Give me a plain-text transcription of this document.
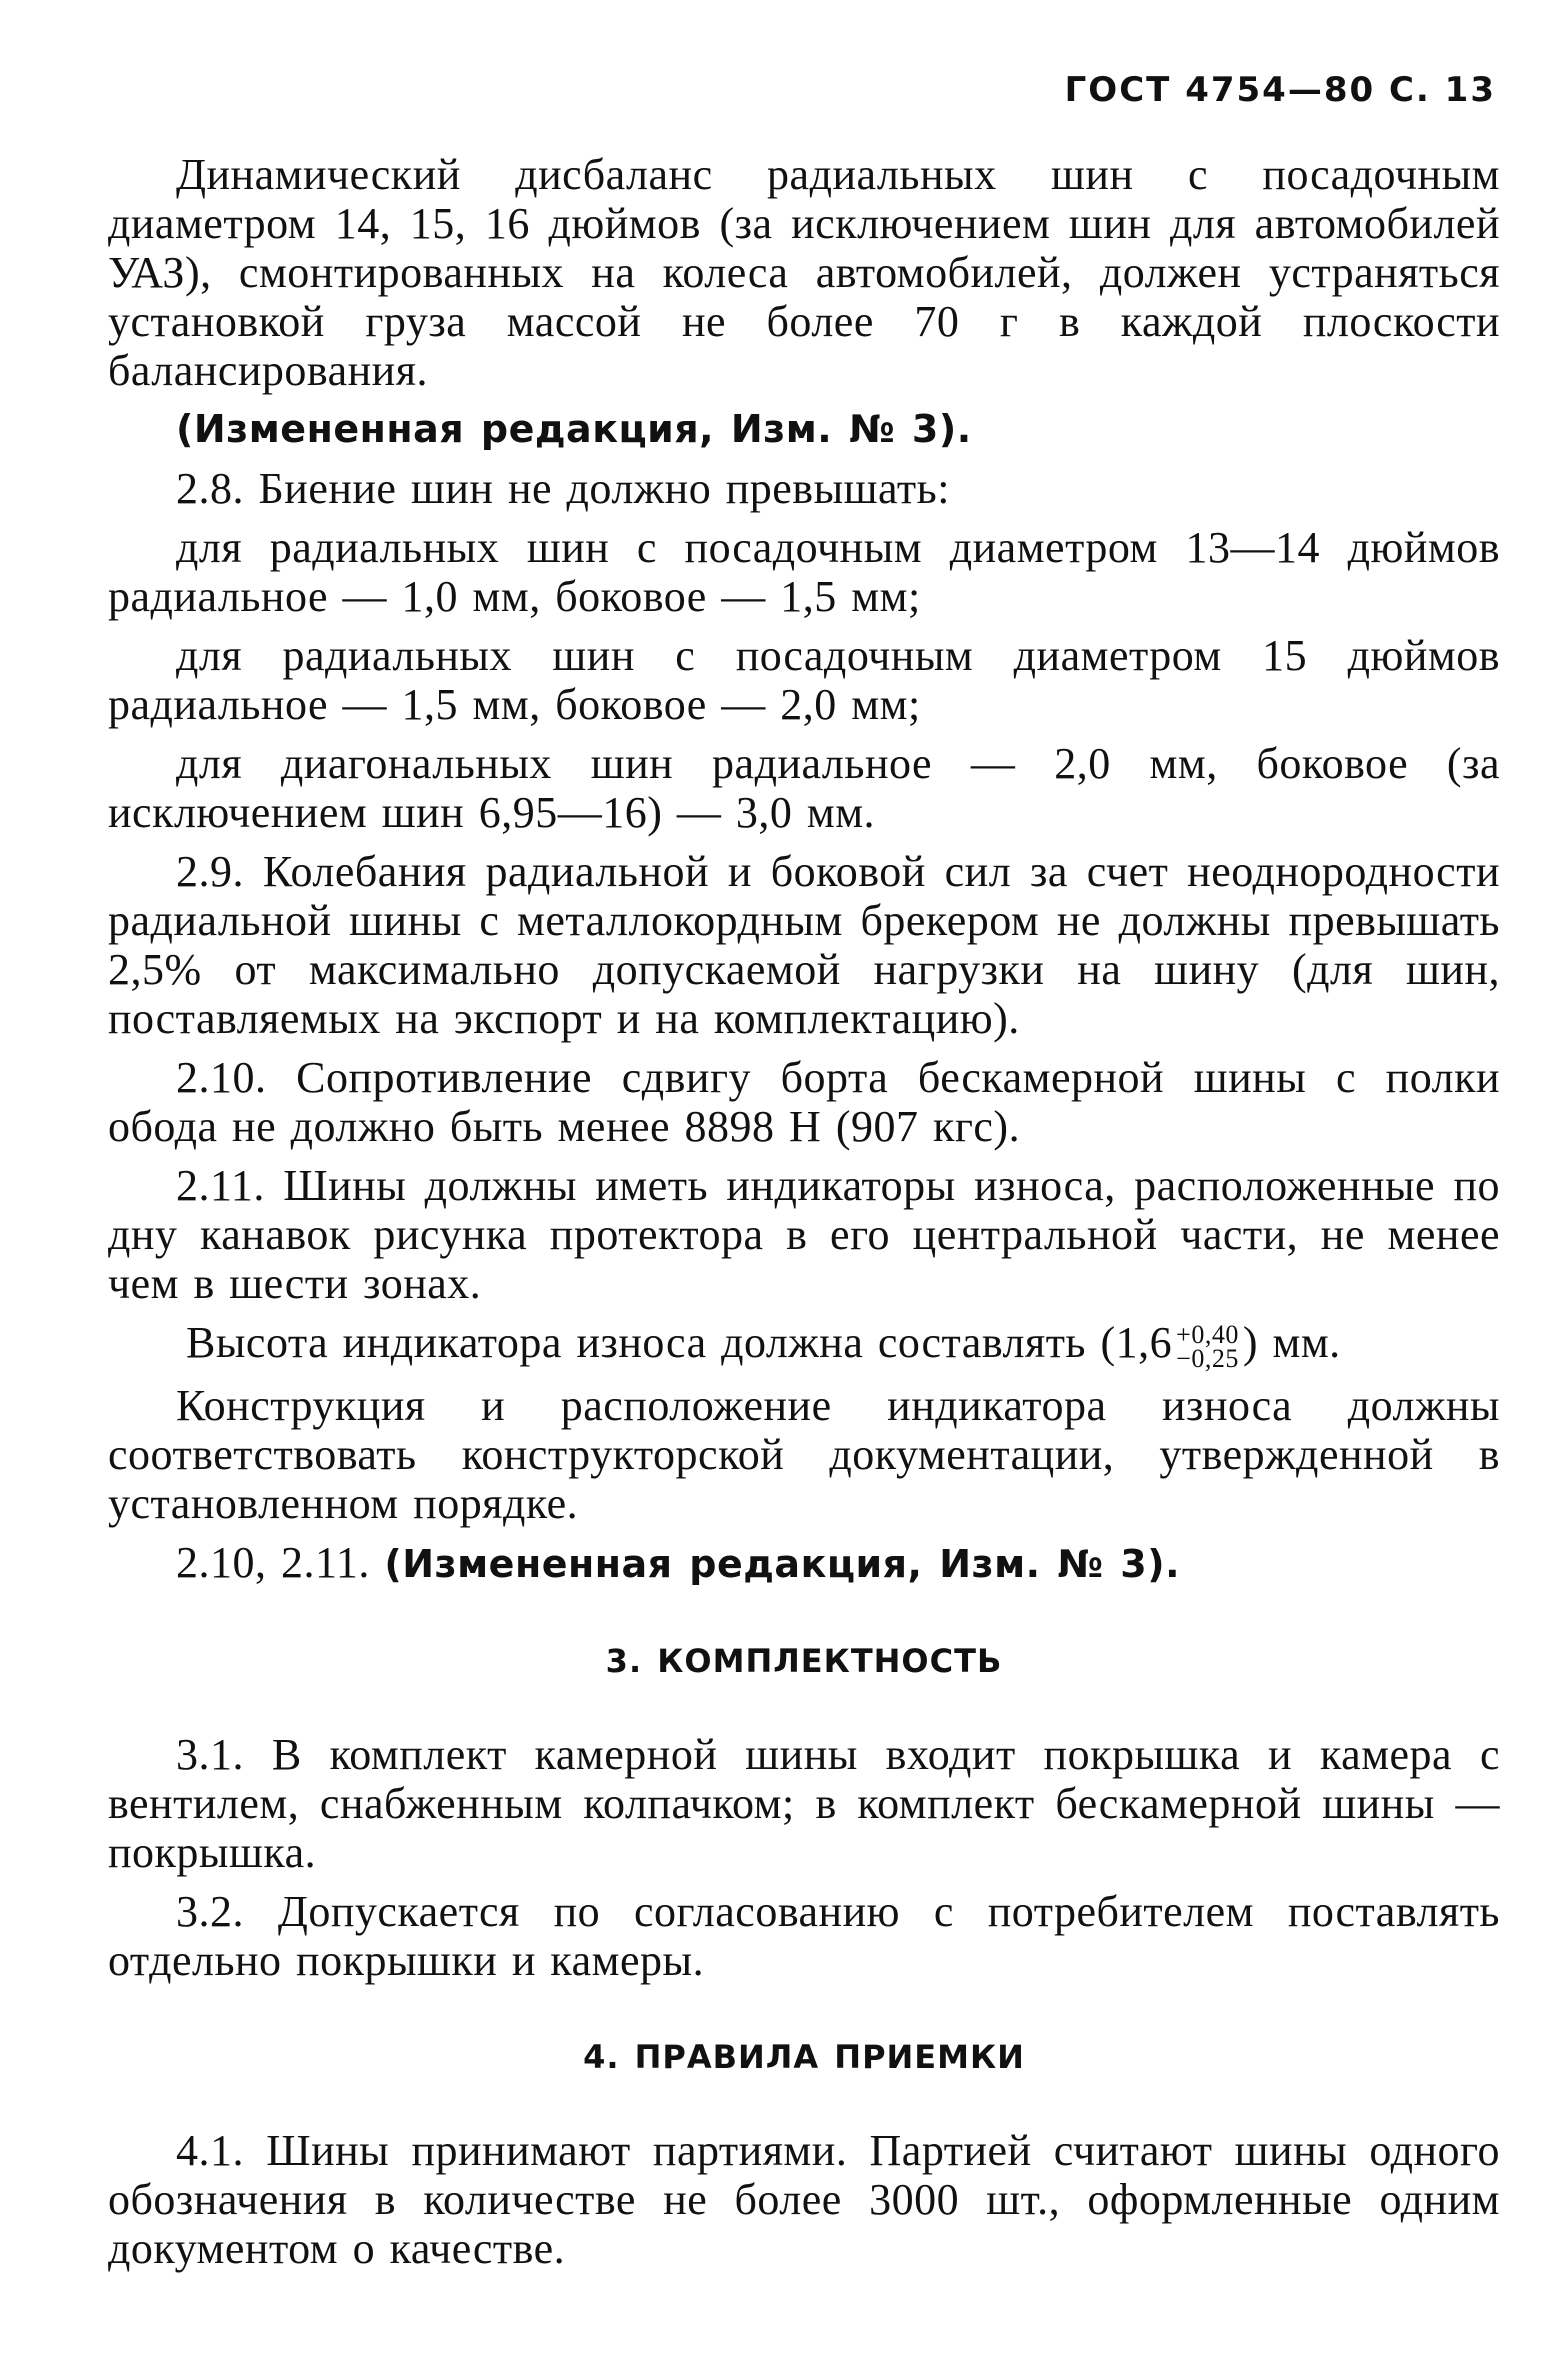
ГОСТ 4754—80 С. 13

Динамический дисбаланс радиальных шин с посадочным диаметром 14, 15, 16 дюймов (за исключением шин для автомобилей УАЗ), смонтированных на колеса автомобилей, должен устраняться установкой груза массой не более 70 г в каждой плоскости балансирования.

(Измененная редакция, Изм. № 3).

2.8. Биение шин не должно превышать:

для радиальных шин с посадочным диаметром 13—14 дюймов радиальное — 1,0 мм, боковое — 1,5 мм;

для радиальных шин с посадочным диаметром 15 дюймов радиальное — 1,5 мм, боковое — 2,0 мм;

для диагональных шин радиальное — 2,0 мм, боковое (за исключением шин 6,95—16) — 3,0 мм.

2.9. Колебания радиальной и боковой сил за счет неоднородности радиальной шины с металлокордным брекером не должны превышать 2,5% от максимально допускаемой нагрузки на шину (для шин, поставляемых на экспорт и на комплектацию).

2.10. Сопротивление сдвигу борта бескамерной шины с полки обода не должно быть менее 8898 Н (907 кгс).

2.11. Шины должны иметь индикаторы износа, расположенные по дну канавок рисунка протектора в его центральной части, не менее чем в шести зонах.

Высота индикатора износа должна составлять (1,6 +0,40
−0,25 ) мм.

Конструкция и расположение индикатора износа должны соответствовать конструкторской документации, утвержденной в установленном порядке.

2.10, 2.11. (Измененная редакция, Изм. № 3).

3. КОМПЛЕКТНОСТЬ

3.1. В комплект камерной шины входит покрышка и камера с вентилем, снабженным колпачком; в комплект бескамерной шины — покрышка.

3.2. Допускается по согласованию с потребителем поставлять отдельно покрышки и камеры.

4. ПРАВИЛА ПРИЕМКИ

4.1. Шины принимают партиями. Партией считают шины одного обозначения в количестве не более 3000 шт., оформленные одним документом о качестве.
